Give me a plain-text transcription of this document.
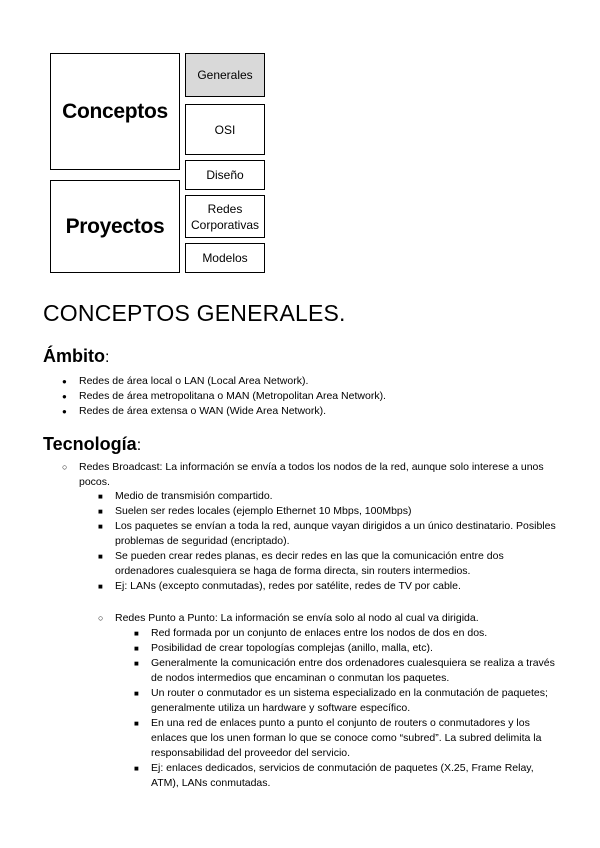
Conceptos
Proyectos
Generales
OSI
Diseño
Redes Corporativas
Modelos
CONCEPTOS GENERALES.
Ámbito:
● Redes de área local o LAN (Local Area Network).
● Redes de área metropolitana o MAN (Metropolitan Area Network).
● Redes de área extensa o WAN (Wide Area Network).
Tecnología:
○ Redes Broadcast: La información se envía a todos los nodos de la red, aunque solo interese a unos pocos.
■ Medio de transmisión compartido.
■ Suelen ser redes locales (ejemplo Ethernet 10 Mbps, 100Mbps)
■ Los paquetes se envían a toda la red, aunque vayan dirigidos a un único destinatario. Posibles problemas de seguridad (encriptado).
■ Se pueden crear redes planas, es decir redes en las que la comunicación entre dos ordenadores cualesquiera se haga de forma directa, sin routers intermedios.
■ Ej: LANs (excepto conmutadas), redes por satélite, redes de TV por cable.
○ Redes Punto a Punto: La información se envía solo al nodo al cual va dirigida.
■ Red formada por un conjunto de enlaces entre los nodos de dos en dos.
■ Posibilidad de crear topologías complejas (anillo, malla, etc).
■ Generalmente la comunicación entre dos ordenadores cualesquiera se realiza a través de nodos intermedios que encaminan o conmutan los paquetes.
■ Un router o conmutador es un sistema especializado en la conmutación de paquetes; generalmente utiliza un hardware y software específico.
■ En una red de enlaces punto a punto el conjunto de routers o conmutadores y los enlaces que los unen forman lo que se conoce como “subred”. La subred delimita la responsabilidad del proveedor del servicio.
■ Ej: enlaces dedicados, servicios de conmutación de paquetes (X.25, Frame Relay, ATM), LANs conmutadas.
